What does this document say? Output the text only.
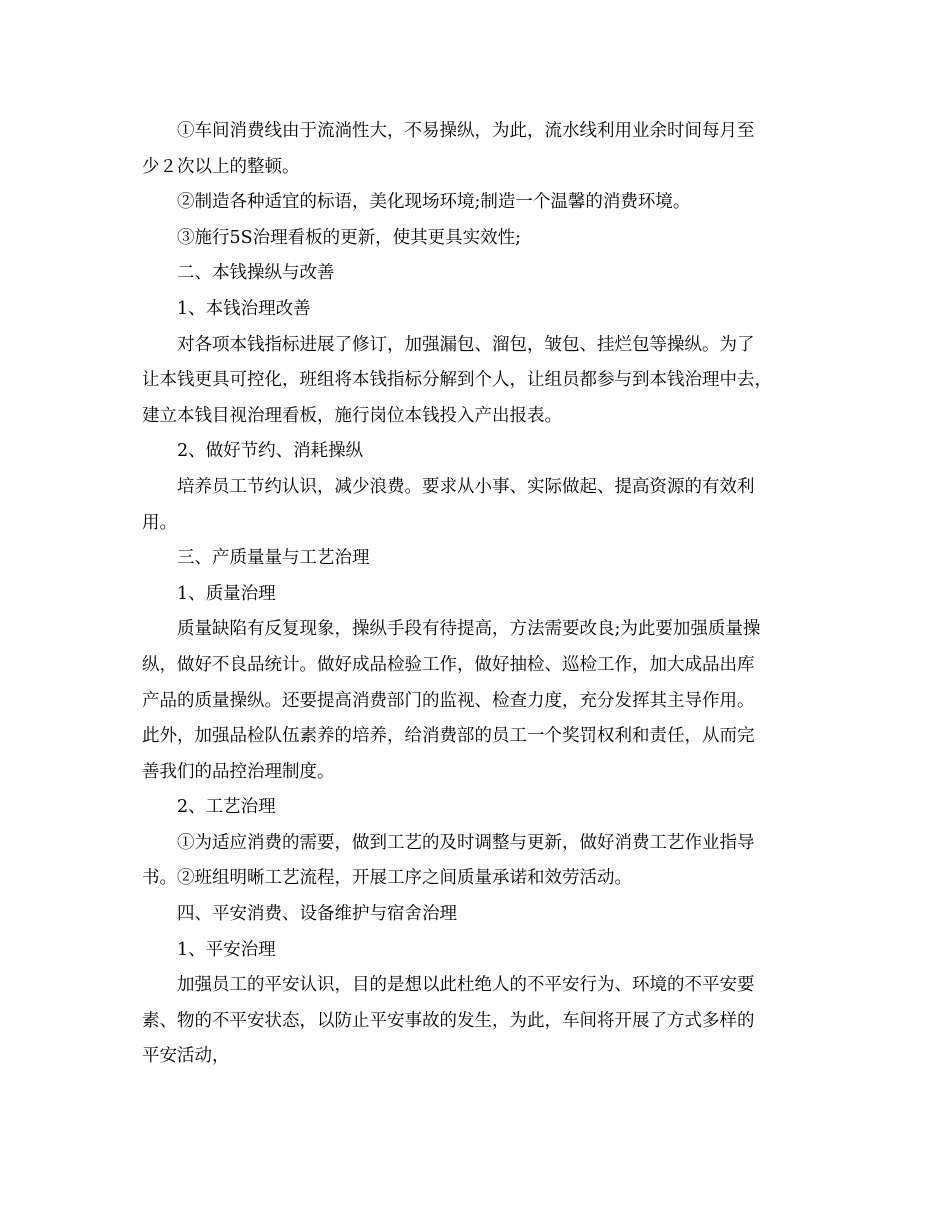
①车间消费线由于流淌性大，不易操纵，为此，流水线利用业余时间每月至
少２次以上的整顿。

②制造各种适宜的标语，美化现场环境;制造一个温馨的消费环境。

③施行5S治理看板的更新，使其更具实效性;

二、本钱操纵与改善

1、本钱治理改善

对各项本钱指标进展了修订，加强漏包、溜包，皱包、挂烂包等操纵。为了
让本钱更具可控化，班组将本钱指标分解到个人，让组员都参与到本钱治理中去，
建立本钱目视治理看板，施行岗位本钱投入产出报表。

2、做好节约、消耗操纵

培养员工节约认识，减少浪费。要求从小事、实际做起、提高资源的有效利
用。

三、产质量量与工艺治理

1、质量治理

质量缺陷有反复现象，操纵手段有待提高，方法需要改良;为此要加强质量操
纵，做好不良品统计。做好成品检验工作，做好抽检、巡检工作，加大成品出库
产品的质量操纵。还要提高消费部门的监视、检查力度，充分发挥其主导作用。
此外，加强品检队伍素养的培养，给消费部的员工一个奖罚权利和责任，从而完
善我们的品控治理制度。

2、工艺治理

①为适应消费的需要，做到工艺的及时调整与更新，做好消费工艺作业指导
书。②班组明晰工艺流程，开展工序之间质量承诺和效劳活动。

四、平安消费、设备维护与宿舍治理

1、平安治理

加强员工的平安认识，目的是想以此杜绝人的不平安行为、环境的不平安要
素、物的不平安状态，以防止平安事故的发生，为此，车间将开展了方式多样的
平安活动，
